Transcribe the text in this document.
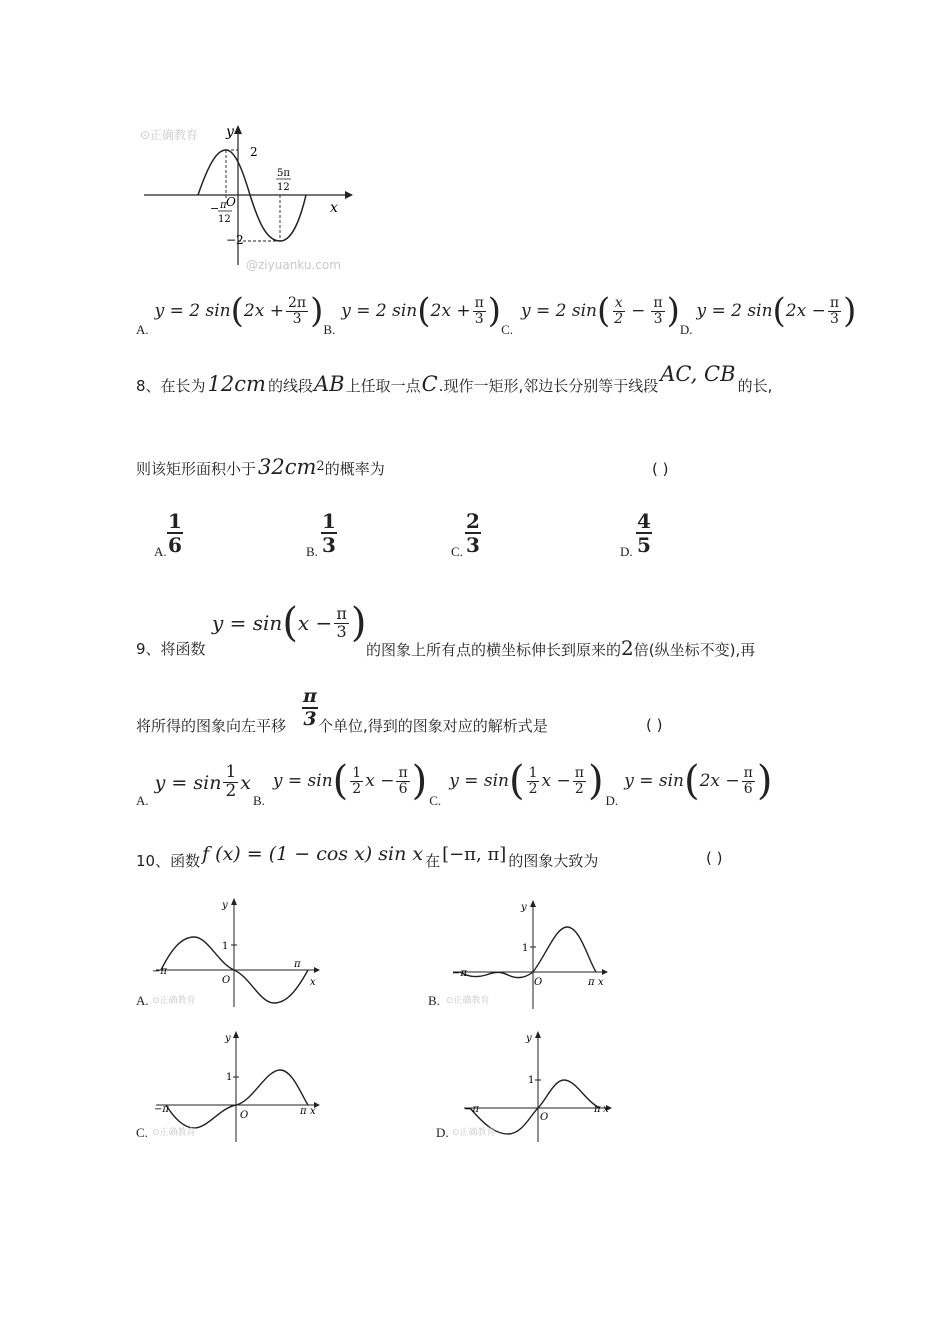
⊙正确教育 y
x
O
2
−2
− π
12
5π
12
@ziyuanku.com
A.
y = 2 sin ( $2x + \frac{2\pi}{3}$ ) B.
y = 2 sin ( $2x + \frac{\pi}{3}$ ) C.
y = 2 sin ( $\frac{x}{2} - \frac{\pi}{3}$ ) D.
y = 2 sin ( $2x - \frac{\pi}{3}$ )
8、在长为 12cm 的线段 AB 上任取一点 C .现作一矩形,邻边长分别等于线段 AC, CB 的长,
则该矩形面积小于 $32cm^2$ 的概率为	( )
A. $\frac{1}{6}$	B. $\frac{1}{3}$	C. $\frac{2}{3}$	D. $\frac{4}{5}$
9、将函数
y = sin ( $x - \frac{\pi}{3}$ )
的图象上所有点的横坐标伸长到原来的 2 倍(纵坐标不变),再
将所得的图象向左平移 $\frac{\pi}{3}$ 个单位,得到的图象对应的解析式是	( )
A.
$y = \sin \frac{1}{2}$ x
B.
y = sin ( $\frac{1}{2}$ $x - \frac{\pi}{6}$ ) C.
y = sin ( $\frac{1}{2}$ $x - \frac{\pi}{2}$ ) D.
y = sin ( $2x - \frac{\pi}{6}$ )
10、函数 f (x) = (1 − cos x) sin x 在 [−π, π] 的图象大致为	( )
y
1
O
−π
π
x
A. ⊙正确教育
y
1
O
−π
π x
B. ⊙正确教育
y
1
O
−π	π x
C. ⊙正确教育
y
1
O
−π	π x
D. ⊙正确教育
